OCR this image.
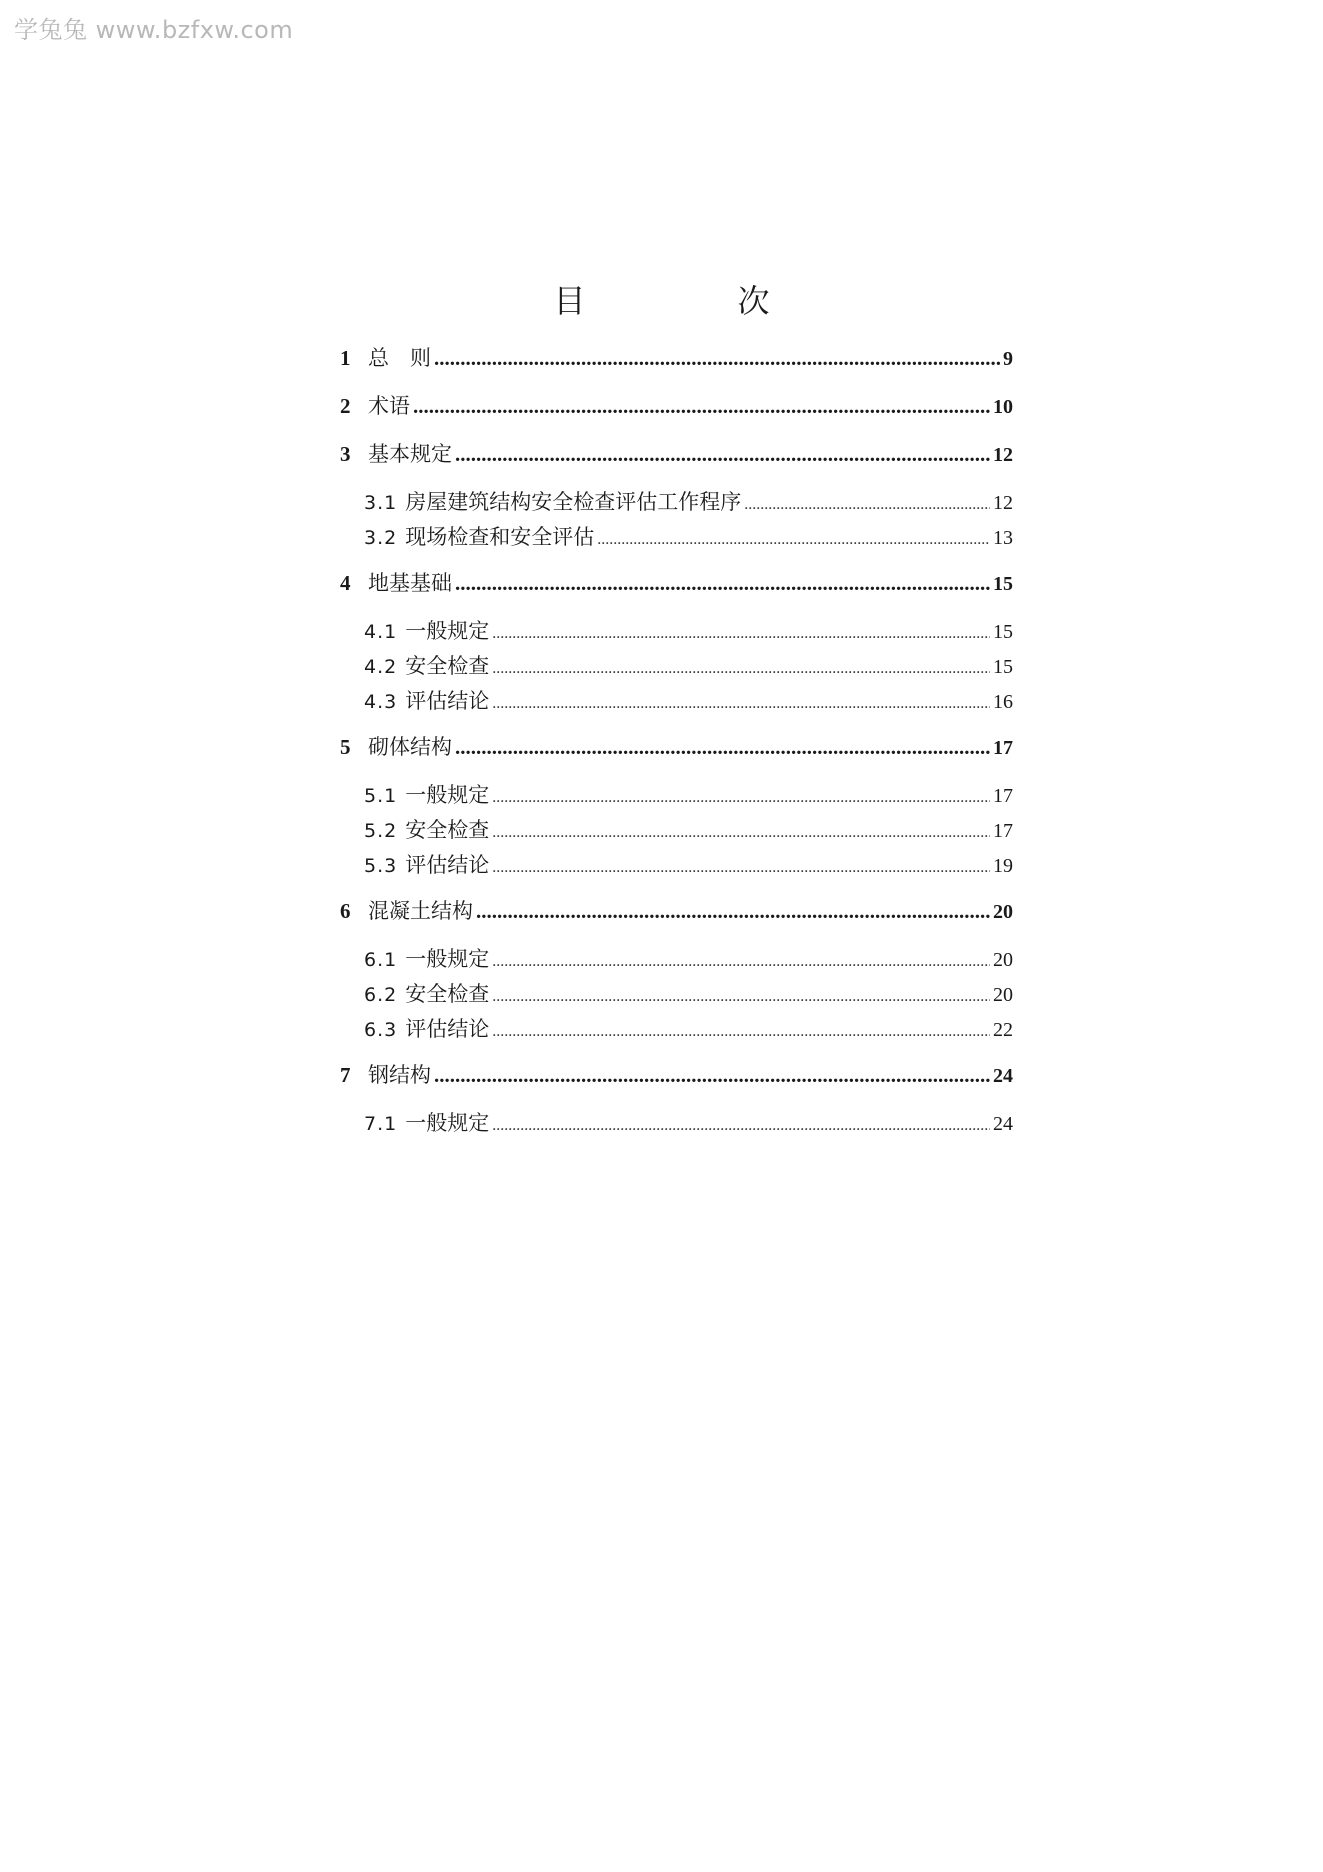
学兔兔 www.bzfxw.com
目　次
1 总　则 .....	9
2 术语 .....	10
3 基本规定 .....	12
3.1 房屋建筑结构安全检查评估工作程序 .....	12
3.2 现场检查和安全评估 .....	13
4 地基基础 .....	15
4.1 一般规定 .....	15
4.2 安全检查 .....	15
4.3 评估结论 .....	16
5 砌体结构 .....	17
5.1 一般规定 .....	17
5.2 安全检查 .....	17
5.3 评估结论 .....	19
6 混凝土结构 .....	20
6.1 一般规定 .....	20
6.2 安全检查 .....	20
6.3 评估结论 .....	22
7 钢结构 .....	24
7.1 一般规定 .....	24
